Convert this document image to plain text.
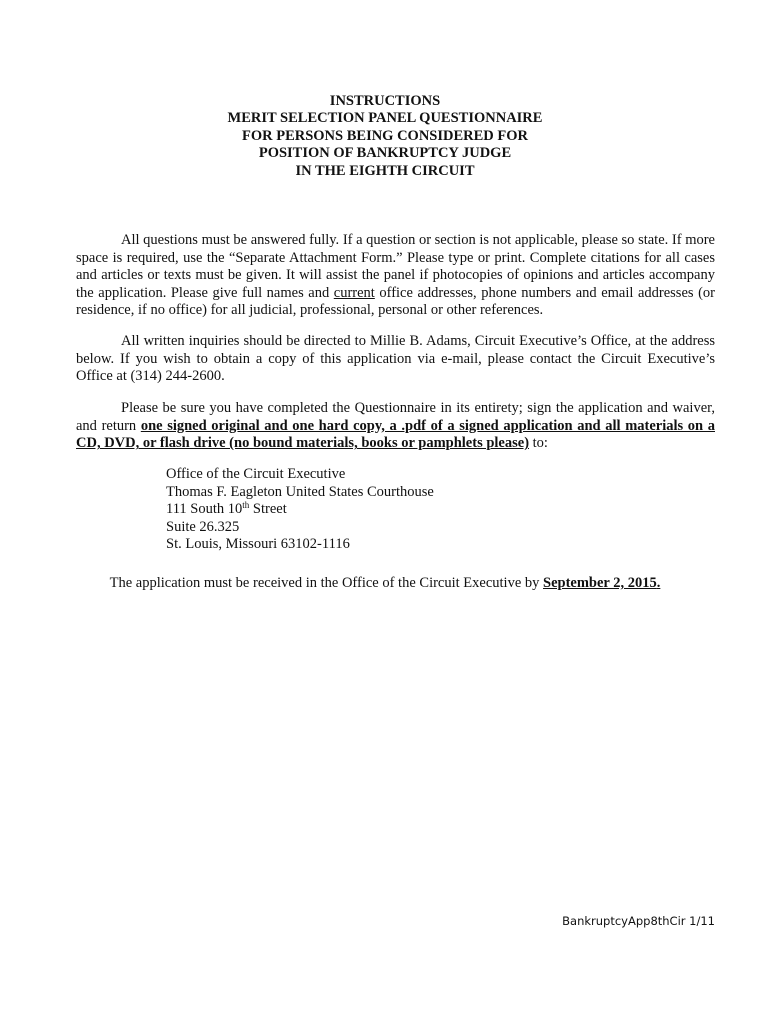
INSTRUCTIONS
MERIT SELECTION PANEL QUESTIONNAIRE
FOR PERSONS BEING CONSIDERED FOR
POSITION OF BANKRUPTCY JUDGE
IN THE EIGHTH CIRCUIT

All questions must be answered fully. If a question or section is not applicable, please so state. If more space is required, use the “Separate Attachment Form.” Please type or print. Complete citations for all cases and articles or texts must be given. It will assist the panel if photocopies of opinions and articles accompany the application. Please give full names and current office addresses, phone numbers and email addresses (or residence, if no office) for all judicial, professional, personal or other references.

All written inquiries should be directed to Millie B. Adams, Circuit Executive’s Office, at the address below. If you wish to obtain a copy of this application via e-mail, please contact the Circuit Executive’s Office at (314) 244-2600.

Please be sure you have completed the Questionnaire in its entirety; sign the application and waiver, and return one signed original and one hard copy, a .pdf of a signed application and all materials on a CD, DVD, or flash drive (no bound materials, books or pamphlets please) to:

Office of the Circuit Executive
Thomas F. Eagleton United States Courthouse
111 South 10th Street
Suite 26.325
St. Louis, Missouri 63102-1116
The application must be received in the Office of the Circuit Executive by September 2, 2015.
BankruptcyApp8thCir 1/11
